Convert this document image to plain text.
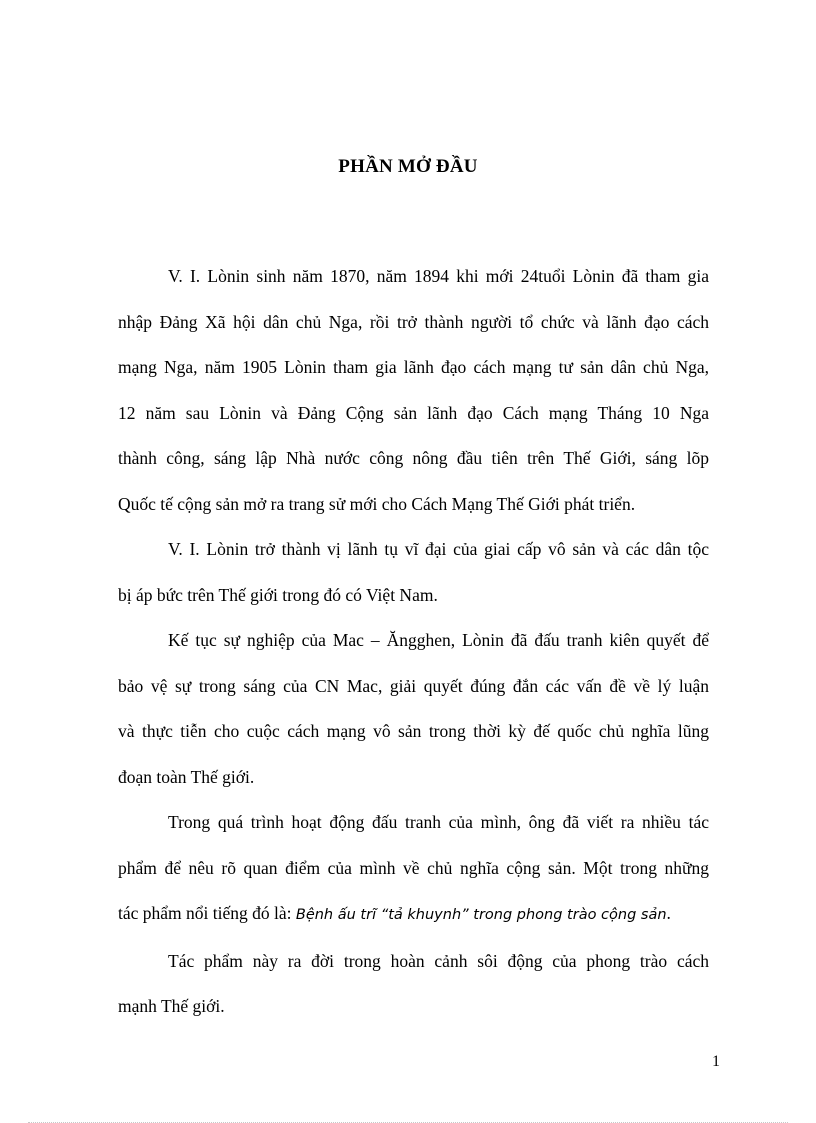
PHẦN MỞ ĐẦU
V. I. Lònin sinh năm 1870, năm 1894 khi mới 24tuổi Lònin đã tham gia
nhập Đảng Xã hội dân chủ Nga, rồi trở thành người tổ chức và lãnh đạo cách
mạng Nga, năm 1905 Lònin tham gia lãnh đạo cách mạng tư sản dân chủ Nga,
12 năm sau Lònin và Đảng Cộng sản lãnh đạo Cách mạng Tháng 10 Nga
thành công, sáng lập Nhà nước công nông đầu tiên trên Thế Giới, sáng lõp
Quốc tế cộng sản mở ra trang sử mới cho Cách Mạng Thế Giới phát triển.
V. I. Lònin trở thành vị lãnh tụ vĩ đại của giai cấp vô sản và các dân tộc
bị áp bức trên Thế giới trong đó có Việt Nam.
Kế tục sự nghiệp của Mac – Ăngghen, Lònin đã đấu tranh kiên quyết để
bảo vệ sự trong sáng của CN Mac, giải quyết đúng đắn các vấn đề về lý luận
và thực tiễn cho cuộc cách mạng vô sản trong thời kỳ đế quốc chủ nghĩa lũng
đoạn toàn Thế giới.
Trong quá trình hoạt động đấu tranh của mình, ông đã viết ra nhiều tác
phẩm để nêu rõ quan điểm của mình về chủ nghĩa cộng sản. Một trong những
tác phẩm nổi tiếng đó là: Bệnh ấu trĩ “tả khuynh” trong phong trào cộng sản.
Tác phẩm này ra đời trong hoàn cảnh sôi động của phong trào cách
mạnh Thế giới.
1
